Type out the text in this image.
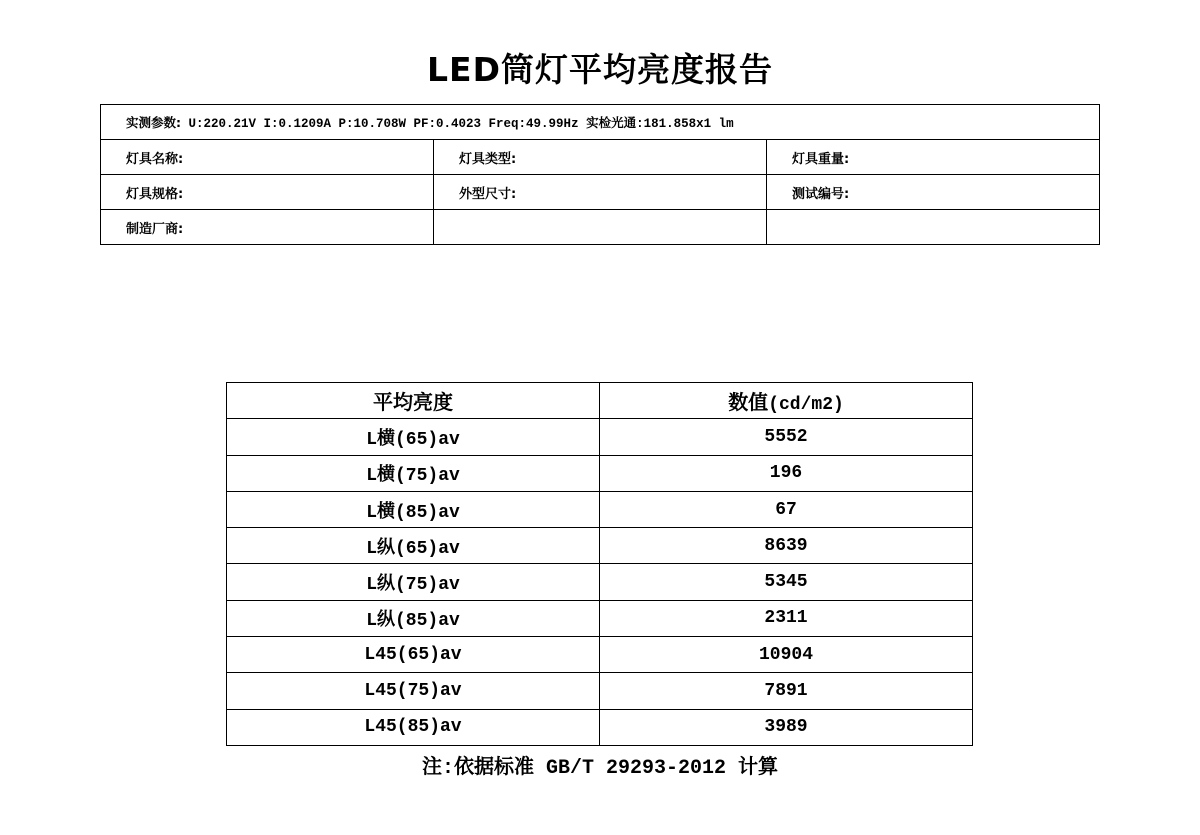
LED筒灯平均亮度报告
实测参数: U:220.21V I:0.1209A P:10.708W PF:0.4023 Freq:49.99Hz 实检光通:181.858x1 lm		
灯具名称:	灯具类型:	灯具重量:
灯具规格:	外型尺寸:	测试编号:
制造厂商:		
平均亮度	数值(cd/m2)
L横(65)av	5552
L横(75)av	196
L横(85)av	67
L纵(65)av	8639
L纵(75)av	5345
L纵(85)av	2311
L45(65)av	10904
L45(75)av	7891
L45(85)av	3989
注:依据标准 GB/T 29293-2012 计算
